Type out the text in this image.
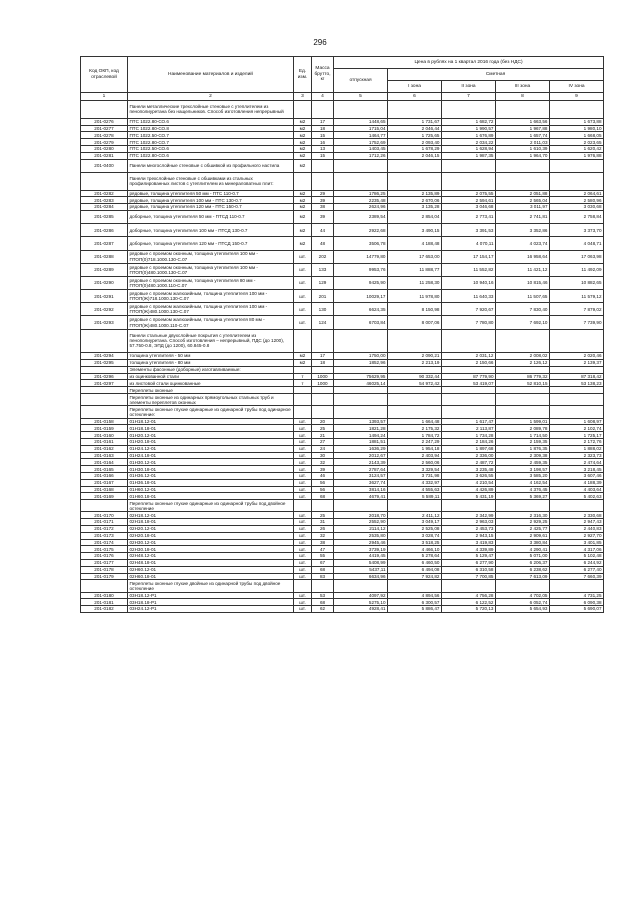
296
Код ОКП, код отраслевой	Наименование материалов и изделий	Ед. изм.	Масса брутто, кг	Цена в рублях на 1 квартал 2016 года (без НДС)				
				отпускная	Сметная			
					I зона	II зона	III зона	IV зона
1	2	3	4	5	6	7	8	9
	Панели металлические трехслойные стеновые с утеплителем из пенополиуретана без нащельников. Способ изготовления непрерывный							
201-0276	ПТС 1022.80-СО.6	м2	17	1448,65	1 731,67	1 682,72	1 663,56	1 673,88
201-0277	ПТС 1022.80-СО.8	м2	18	1715,04	2 046,44	1 990,57	1 967,88	1 980,10
201-0278	ПТС 1022.50-СО.7	м2	15	1464,77	1 725,65	1 676,89	1 657,74	1 668,05
201-0279	ПТС 1022.80-СО.7	м2	16	1752,69	2 093,40	2 034,22	2 011,03	2 023,65
201-0280	ПТС 1022.50-СО.6	м2	13	1403,45	1 678,29	1 628,94	1 610,39	1 620,42
201-0281	ПТС 1022.80-СО.6	м2	15	1712,26	2 046,15	1 987,35	1 964,70	1 976,88
201-0400	Панели многослойные стеновые с обшивкой из профильного настила	м2						
	Панели трехслойные стеновые с обшивками из стальных профилированных листов с утеплителем из минераловатных плит:							
201-0282	рядовые, толщина утеплителя 50 мм - ПТС 110-0.7	м2	29	1786,25	2 135,89	2 075,55	2 051,88	2 064,61
201-0283	рядовые, толщина утеплителя 100 мм - ПТС 130-0.7	м2	39	2235,48	2 670,06	2 594,61	2 565,04	2 580,96
201-0284	рядовые, толщина утеплителя 120 мм - ПТС 150-0.7	м2	38	2624,96	3 135,28	3 046,68	3 011,97	3 030,68
201-0285	доборные, толщина утеплителя 50 мм - ПТСД 110-0.7	м2	39	2389,54	2 854,04	2 773,41	2 741,81	2 758,84
201-0286	доборные, толщина утеплителя 100 мм - ПТСД 130-0.7	м2	44	2922,68	3 490,15	3 391,53	3 352,86	3 373,70
201-0287	доборные, толщина утеплителя 120 мм - ПТСД 150-0.7	м2	48	3506,78	4 188,48	4 070,11	4 023,74	4 048,71
201-0288	рядовые с проемом оконным, толщина утеплителя 100 мм - ПТОП(0)718.1000.130-С.07	шт.	202	14779,80	17 653,00	17 154,17	16 958,64	17 063,98
201-0289	рядовые с проемом оконным, толщина утеплителя 100 мм - ПТОП(0)480.1000.130-С.07	шт.	133	9953,76	11 888,77	11 552,82	11 421,12	11 492,09
201-0290	рядовые с проемом оконным, толщина утеплителя 80 мм - ПТОП(0)480.1000.110-С.07	шт.	129	9425,90	11 258,30	10 940,16	10 815,46	10 882,65
201-0291	рядовые с проемом жалюзийным, толщина утеплителя 100 мм - ПТОП(Ж)718.1000.130-С.07	шт.	201	10029,17	11 978,80	11 640,33	11 507,65	11 579,12
201-0292	рядовые с проемом жалюзийным, толщина утеплителя 100 мм - ПТОП(Ж)480.1000.130-С.07	шт.	130	6624,35	8 150,98	7 920,67	7 830,40	7 879,02
201-0293	рядовые с проемом жалюзийным, толщина утеплителя 80 мм - ПТОП(Ж)480.1000.110-С.07	шт.	124	6703,84	8 007,06	7 780,80	7 692,10	7 739,90
	Панели стальные двухслойные покрытия с утеплителем из пенополиуретана. Способ изготовления – непрерывный, ПДС (до 1200), 57.750-0.8, ЭПД (до 1200), 60.845-0.8							
201-0294	толщина утеплителя - 50 мм	м2	17	1750,00	2 090,21	2 031,12	2 008,02	2 020,46
201-0295	толщина утеплителя - 80 мм	м2	18	1852,96	2 213,19	2 150,66	2 126,12	2 139,37
	Элементы фасонные (доборные) изготавливаемые:							
201-0296	из оцинкованной стали	т	1000	75629,95	90 332,44	87 779,90	86 779,32	87 318,42
201-0297	из листовой стали оцинкованные	т	1000	46025,14	54 972,42	53 419,07	52 810,15	53 138,23
	Переплеты оконные							
	Переплеты оконные из одинарных прямоугольных стальных труб и элементы переплетов оконных							
	Переплеты оконные глухие одинарные из одинарной трубы под одинарное остекление:							
201-0158	01Н18.12-01	шт.	20	1393,57	1 664,48	1 617,47	1 599,01	1 608,97
201-0159	01Н18.18-01	шт.	25	1821,28	2 175,32	2 113,87	2 089,78	2 102,74
201-0160	01Н20.12-01	шт.	21	1494,24	1 784,72	1 734,28	1 714,50	1 725,17
201-0161	01Н20.18-01	шт.	27	1881,51	2 247,29	2 184,26	2 159,35	2 172,76
201-0162	01Н24.12-01	шт.	24	1636,29	1 954,18	1 897,68	1 876,35	1 888,02
201-0163	01Н24.18-01	шт.	30	2012,67	2 403,94	2 336,00	2 309,38	2 323,73
201-0164	01Н30.12-01	шт.	32	2143,39	2 560,06	2 487,72	2 459,35	2 474,64
201-0165	01Н30.18-01	шт.	39	2787,64	3 329,54	3 235,48	3 198,57	3 218,45
201-0166	01Н36.12-01	шт.	46	3124,57	3 731,98	3 626,55	3 585,20	3 607,46
201-0167	01Н36.18-01	шт.	56	3627,74	4 332,97	4 210,54	4 162,54	4 188,39
201-0168	01Н60.12-01	шт.	56	3814,16	4 555,63	4 426,89	4 376,45	4 403,64
201-0169	01Н60.18-01	шт.	68	4679,41	5 589,11	5 431,19	5 369,27	5 402,63
	Переплеты оконные глухие одинарные из одинарной трубы под двойное остекление							
201-0170	02Н18.12-01	шт.	25	2018,70	2 411,12	2 342,99	2 316,30	2 330,68
201-0171	02Н18.18-01	шт.	31	2552,90	3 049,17	2 963,03	2 929,25	2 947,43
201-0172	02Н20.12-01	шт.	26	2114,12	2 525,08	2 453,73	2 425,77	2 440,83
201-0173	02Н20.18-01	шт.	32	2535,80	3 028,74	2 943,15	2 909,61	2 927,70
201-0174	02Н30.12-01	шт.	38	2945,46	3 518,25	3 419,83	3 380,84	3 401,85
201-0175	02Н30.18-01	шт.	47	3739,19	4 466,10	4 339,89	4 290,41	4 317,06
201-0176	02Н48.12-01	шт.	55	4419,45	5 278,64	5 129,47	5 071,00	5 102,48
201-0177	02Н48.18-01	шт.	67	5408,99	6 460,50	6 277,90	6 206,37	6 244,92
201-0178	02Н60.12-01	шт.	68	5437,11	6 494,08	6 310,58	6 238,62	6 277,40
201-0179	02Н60.18-01	шт.	83	6634,96	7 924,82	7 700,85	7 613,09	7 660,39
	Переплеты оконные глухие двойные из одинарной трубы под двойное остекление							
201-0180	03Н18.12-Р1	шт.	53	4097,92	4 894,56	4 756,28	4 702,05	4 731,25
201-0181	03Н18.18-Р1	шт.	68	5275,10	6 300,57	6 122,52	6 052,74	6 090,38
201-0182	03Н24.12-Р1	шт.	62	4928,41	5 886,47	5 720,13	5 654,93	5 690,07
